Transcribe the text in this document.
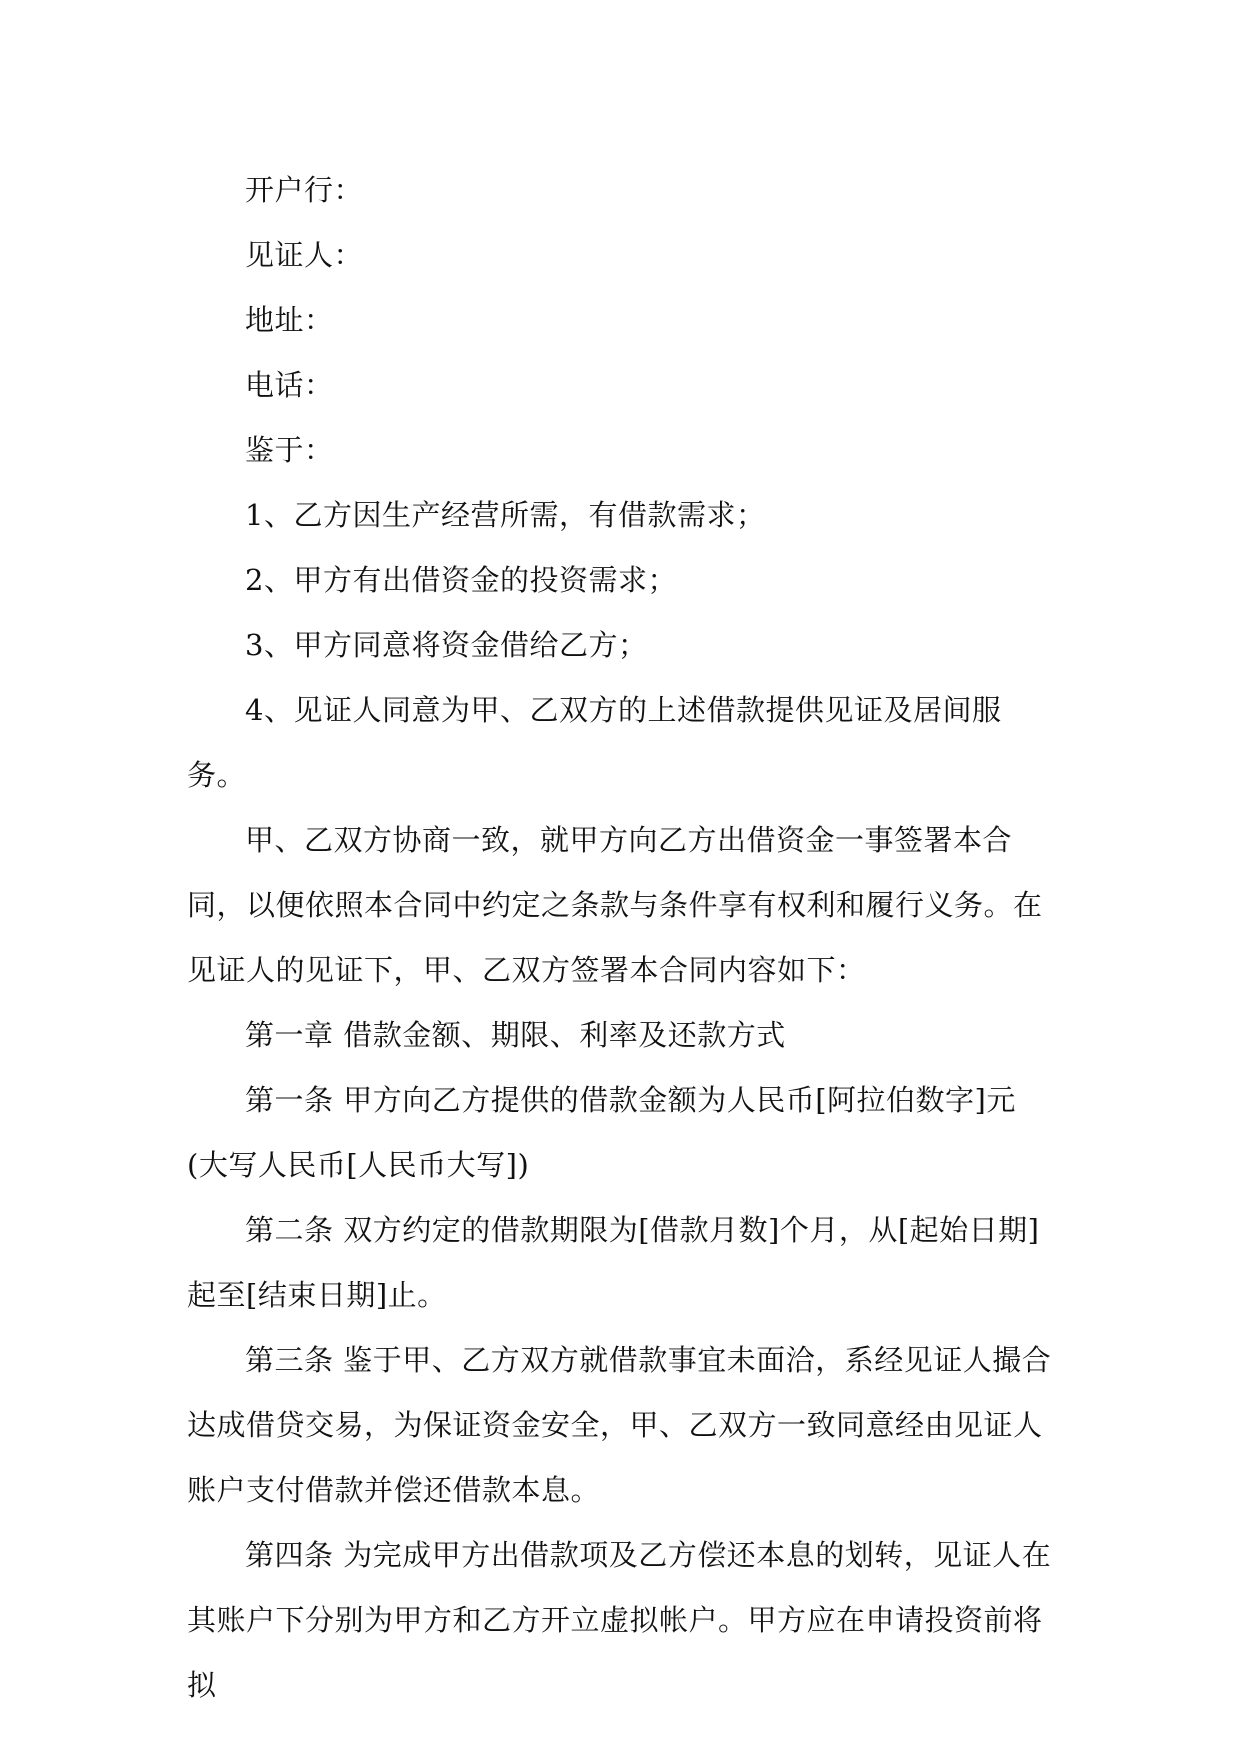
开户行：

见证人：

地址：

电话：

鉴于：

1、乙方因生产经营所需，有借款需求；

2、甲方有出借资金的投资需求；

3、甲方同意将资金借给乙方；

4、见证人同意为甲、乙双方的上述借款提供见证及居间服务。

甲、乙双方协商一致，就甲方向乙方出借资金一事签署本合同，以便依照本合同中约定之条款与条件享有权利和履行义务。在见证人的见证下，甲、乙双方签署本合同内容如下：

第一章 借款金额、期限、利率及还款方式

第一条 甲方向乙方提供的借款金额为人民币[阿拉伯数字]元(大写人民币[人民币大写])

第二条 双方约定的借款期限为[借款月数]个月，从[起始日期]起至[结束日期]止。

第三条 鉴于甲、乙方双方就借款事宜未面洽，系经见证人撮合达成借贷交易，为保证资金安全，甲、乙双方一致同意经由见证人账户支付借款并偿还借款本息。

第四条 为完成甲方出借款项及乙方偿还本息的划转，见证人在其账户下分别为甲方和乙方开立虚拟帐户。甲方应在申请投资前将拟
